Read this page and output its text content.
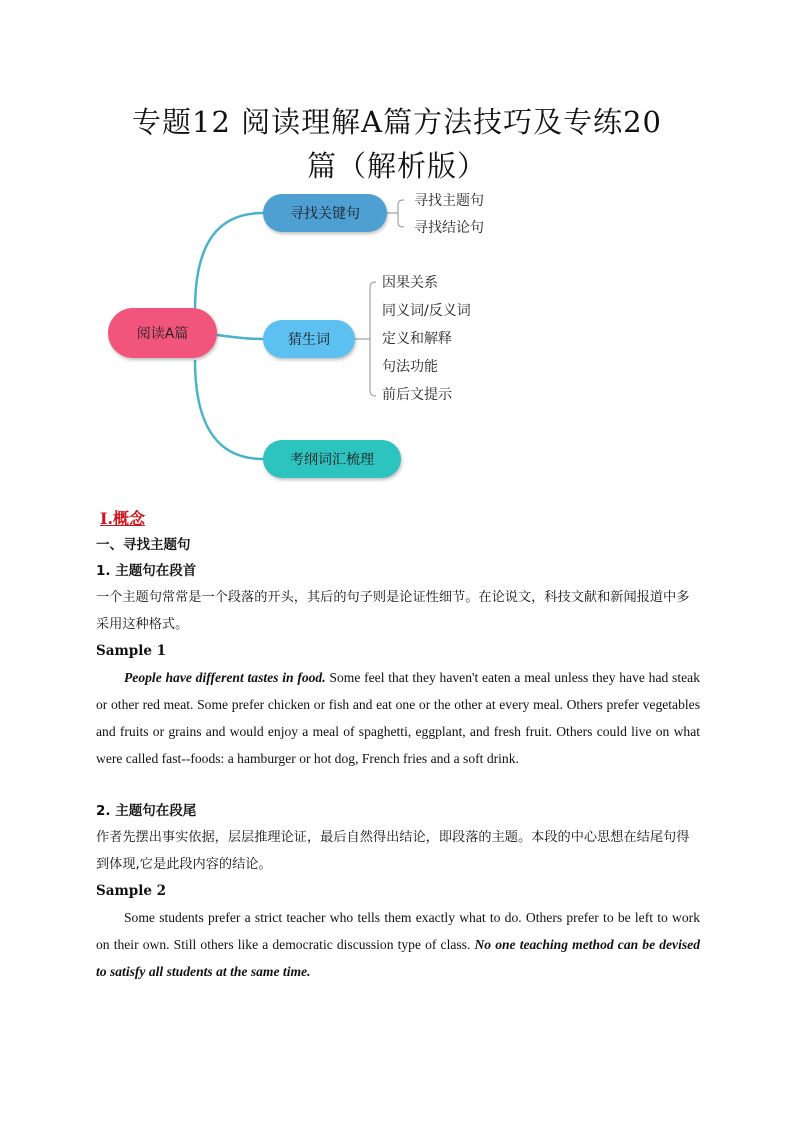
专题12 阅读理解A篇方法技巧及专练20
篇（解析版）
阅读A篇
寻找关键句
猜生词
考纲词汇梳理
寻找主题句
寻找结论句
因果关系
同义词/反义词
定义和解释
句法功能
前后文提示
Ⅰ.概念
一、寻找主题句
1. 主题句在段首
一个主题句常常是一个段落的开头，其后的句子则是论证性细节。在论说文，科技文献和新闻报道中多采用这种格式。
Sample 1
People have different tastes in food. Some feel that they haven't eaten a meal unless they have had steak or other red meat. Some prefer chicken or fish and eat one or the other at every meal. Others prefer vegetables and fruits or grains and would enjoy a meal of spaghetti, eggplant, and fresh fruit. Others could live on what were called fast--foods: a hamburger or hot dog, French fries and a soft drink.
2. 主题句在段尾
作者先摆出事实依据，层层推理论证，最后自然得出结论，即段落的主题。本段的中心思想在结尾句得到体现,它是此段内容的结论。
Sample 2
Some students prefer a strict teacher who tells them exactly what to do. Others prefer to be left to work on their own. Still others like a democratic discussion type of class. No one teaching method can be devised to satisfy all students at the same time.
